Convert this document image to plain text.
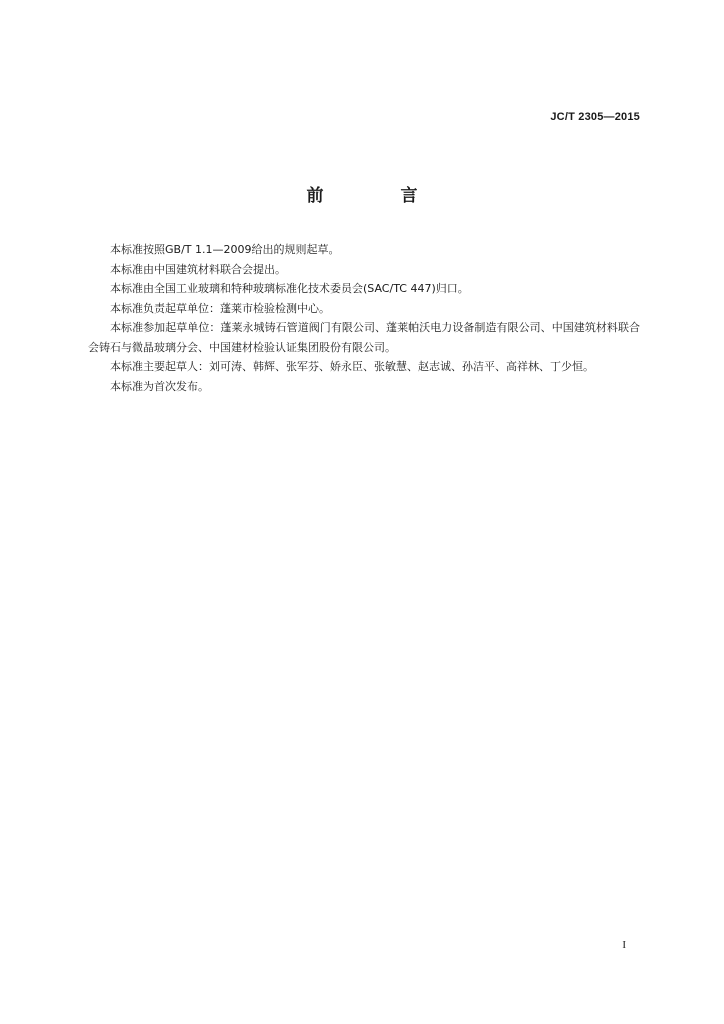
JC/T 2305—2015
前　言

本标准按照GB/T 1.1—2009给出的规则起草。

本标准由中国建筑材料联合会提出。

本标准由全国工业玻璃和特种玻璃标准化技术委员会(SAC/TC 447)归口。

本标准负责起草单位：蓬莱市检验检测中心。

本标准参加起草单位：蓬莱永城铸石管道阀门有限公司、蓬莱帕沃电力设备制造有限公司、中国建筑材料联合会铸石与微晶玻璃分会、中国建材检验认证集团股份有限公司。

本标准主要起草人：刘可涛、韩辉、张军芬、娇永臣、张敏慧、赵志诚、孙洁平、高祥林、丁少恒。

本标准为首次发布。

I
